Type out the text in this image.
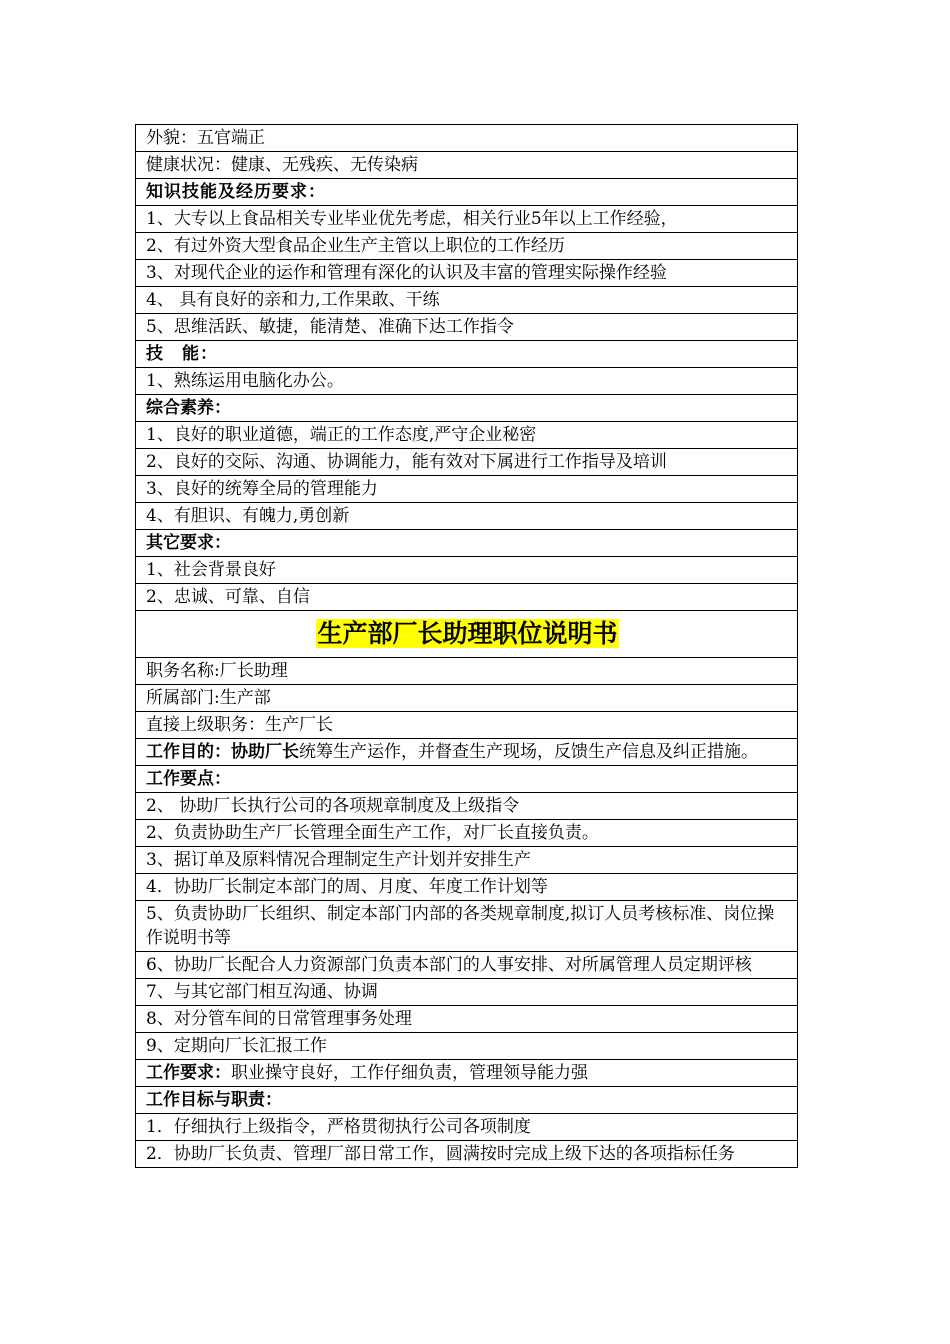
外貌：五官端正
健康状况：健康、无残疾、无传染病
知识技能及经历要求：
1、大专以上食品相关专业毕业优先考虑，相关行业5年以上工作经验，
2、有过外资大型食品企业生产主管以上职位的工作经历
3、对现代企业的运作和管理有深化的认识及丰富的管理实际操作经验
4、 具有良好的亲和力,工作果敢、干练
5、思维活跃、敏捷，能清楚、准确下达工作指令
技　能：
1、熟练运用电脑化办公。
综合素养：
1、良好的职业道德，端正的工作态度,严守企业秘密
2、良好的交际、沟通、协调能力，能有效对下属进行工作指导及培训
3、良好的统筹全局的管理能力
4、有胆识、有魄力,勇创新
其它要求：
1、社会背景良好
2、忠诚、可靠、自信
生产部厂长助理职位说明书
职务名称:厂长助理
所属部门:生产部
直接上级职务：生产厂长
工作目的：协助厂长统筹生产运作，并督查生产现场，反馈生产信息及纠正措施。
工作要点：
2、 协助厂长执行公司的各项规章制度及上级指令
2、负责协助生产厂长管理全面生产工作，对厂长直接负责。
3、据订单及原料情况合理制定生产计划并安排生产
4．协助厂长制定本部门的周、月度、年度工作计划等
5、负责协助厂长组织、制定本部门内部的各类规章制度,拟订人员考核标准、岗位操作说明书等
6、协助厂长配合人力资源部门负责本部门的人事安排、对所属管理人员定期评核
7、与其它部门相互沟通、协调
8、对分管车间的日常管理事务处理
9、定期向厂长汇报工作
工作要求：职业操守良好，工作仔细负责，管理领导能力强
工作目标与职责：
1．仔细执行上级指令，严格贯彻执行公司各项制度
2．协助厂长负责、管理厂部日常工作，圆满按时完成上级下达的各项指标任务
